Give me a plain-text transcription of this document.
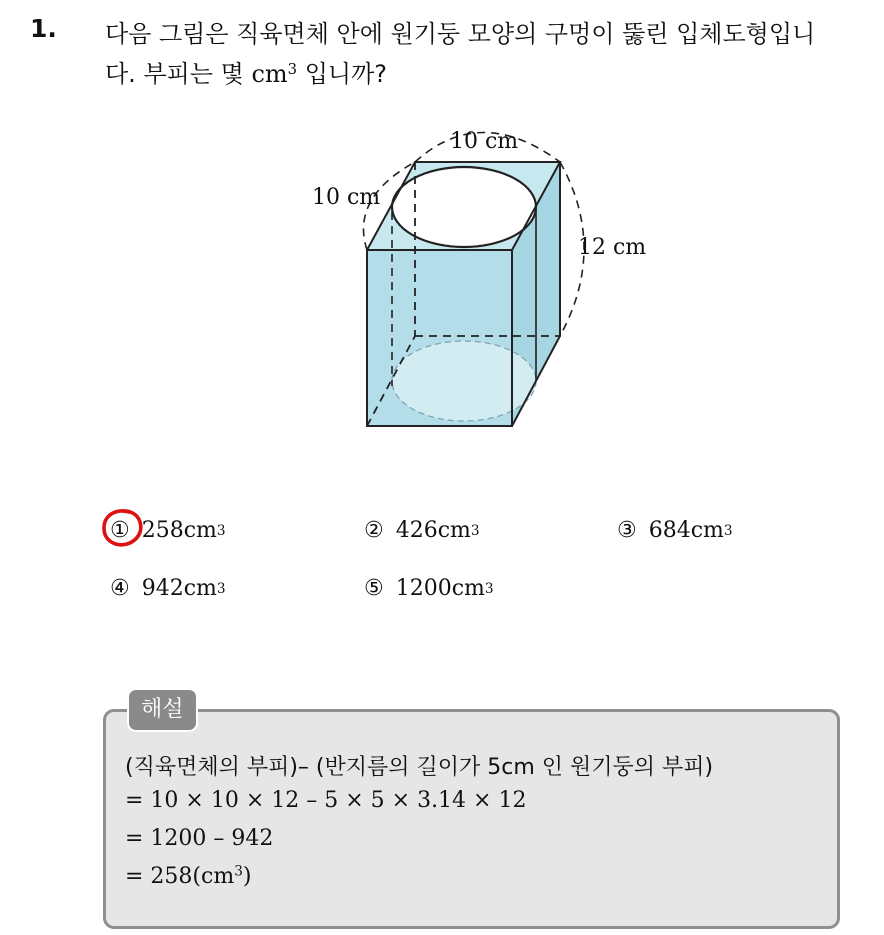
1. 다음 그림은 직육면체 안에 원기둥 모양의 구멍이 뚫린 입체도형입니
다. 부피는 몇 $cm^3$ 입니까?
10 cm
10 cm
12 cm
① 258cm 3	② 426cm 3	③ 684cm 3
④ 942cm 3	⑤ 1200cm 3
해설
(직육면체의 부피)– (반지름의 길이가 5cm 인 원기둥의 부피)
= 10 × 10 × 12 – 5 × 5 × 3.14 × 12
= 1200 – 942
= $258(cm^3)$
